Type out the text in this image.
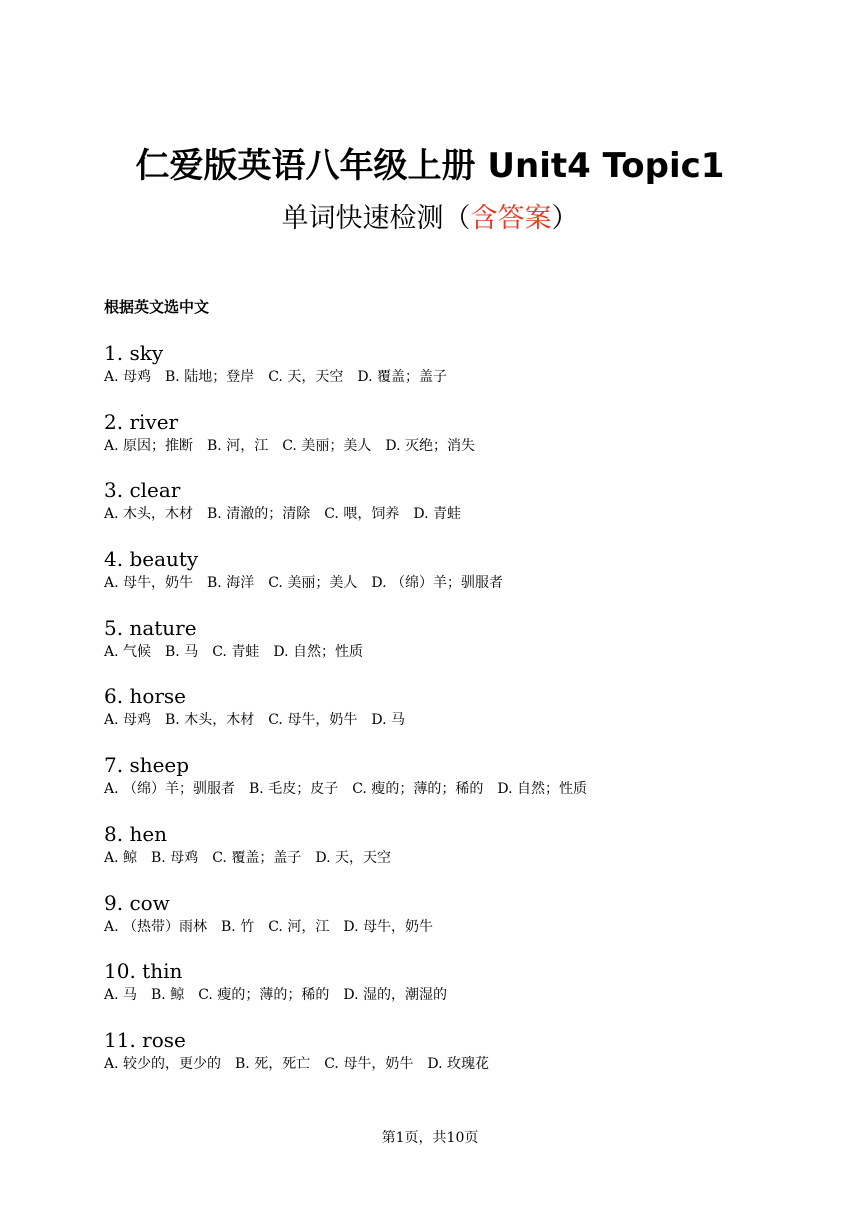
仁爱版英语八年级上册 Unit4 Topic1
单词快速检测（含答案）
根据英文选中文
1. sky
A. 母鸡 B. 陆地；登岸 C. 天，天空 D. 覆盖；盖子
2. river
A. 原因；推断 B. 河，江 C. 美丽；美人 D. 灭绝；消失
3. clear
A. 木头，木材 B. 清澈的；清除 C. 喂，饲养 D. 青蛙
4. beauty
A. 母牛，奶牛 B. 海洋 C. 美丽；美人 D. （绵）羊；驯服者
5. nature
A. 气候 B. 马 C. 青蛙 D. 自然；性质
6. horse
A. 母鸡 B. 木头，木材 C. 母牛，奶牛 D. 马
7. sheep
A. （绵）羊；驯服者 B. 毛皮；皮子 C. 瘦的；薄的；稀的 D. 自然；性质
8. hen
A. 鲸 B. 母鸡 C. 覆盖；盖子 D. 天，天空
9. cow
A. （热带）雨林 B. 竹 C. 河，江 D. 母牛，奶牛
10. thin
A. 马 B. 鲸 C. 瘦的；薄的；稀的 D. 湿的，潮湿的
11. rose
A. 较少的，更少的 B. 死，死亡 C. 母牛，奶牛 D. 玫瑰花
第1页，共10页
